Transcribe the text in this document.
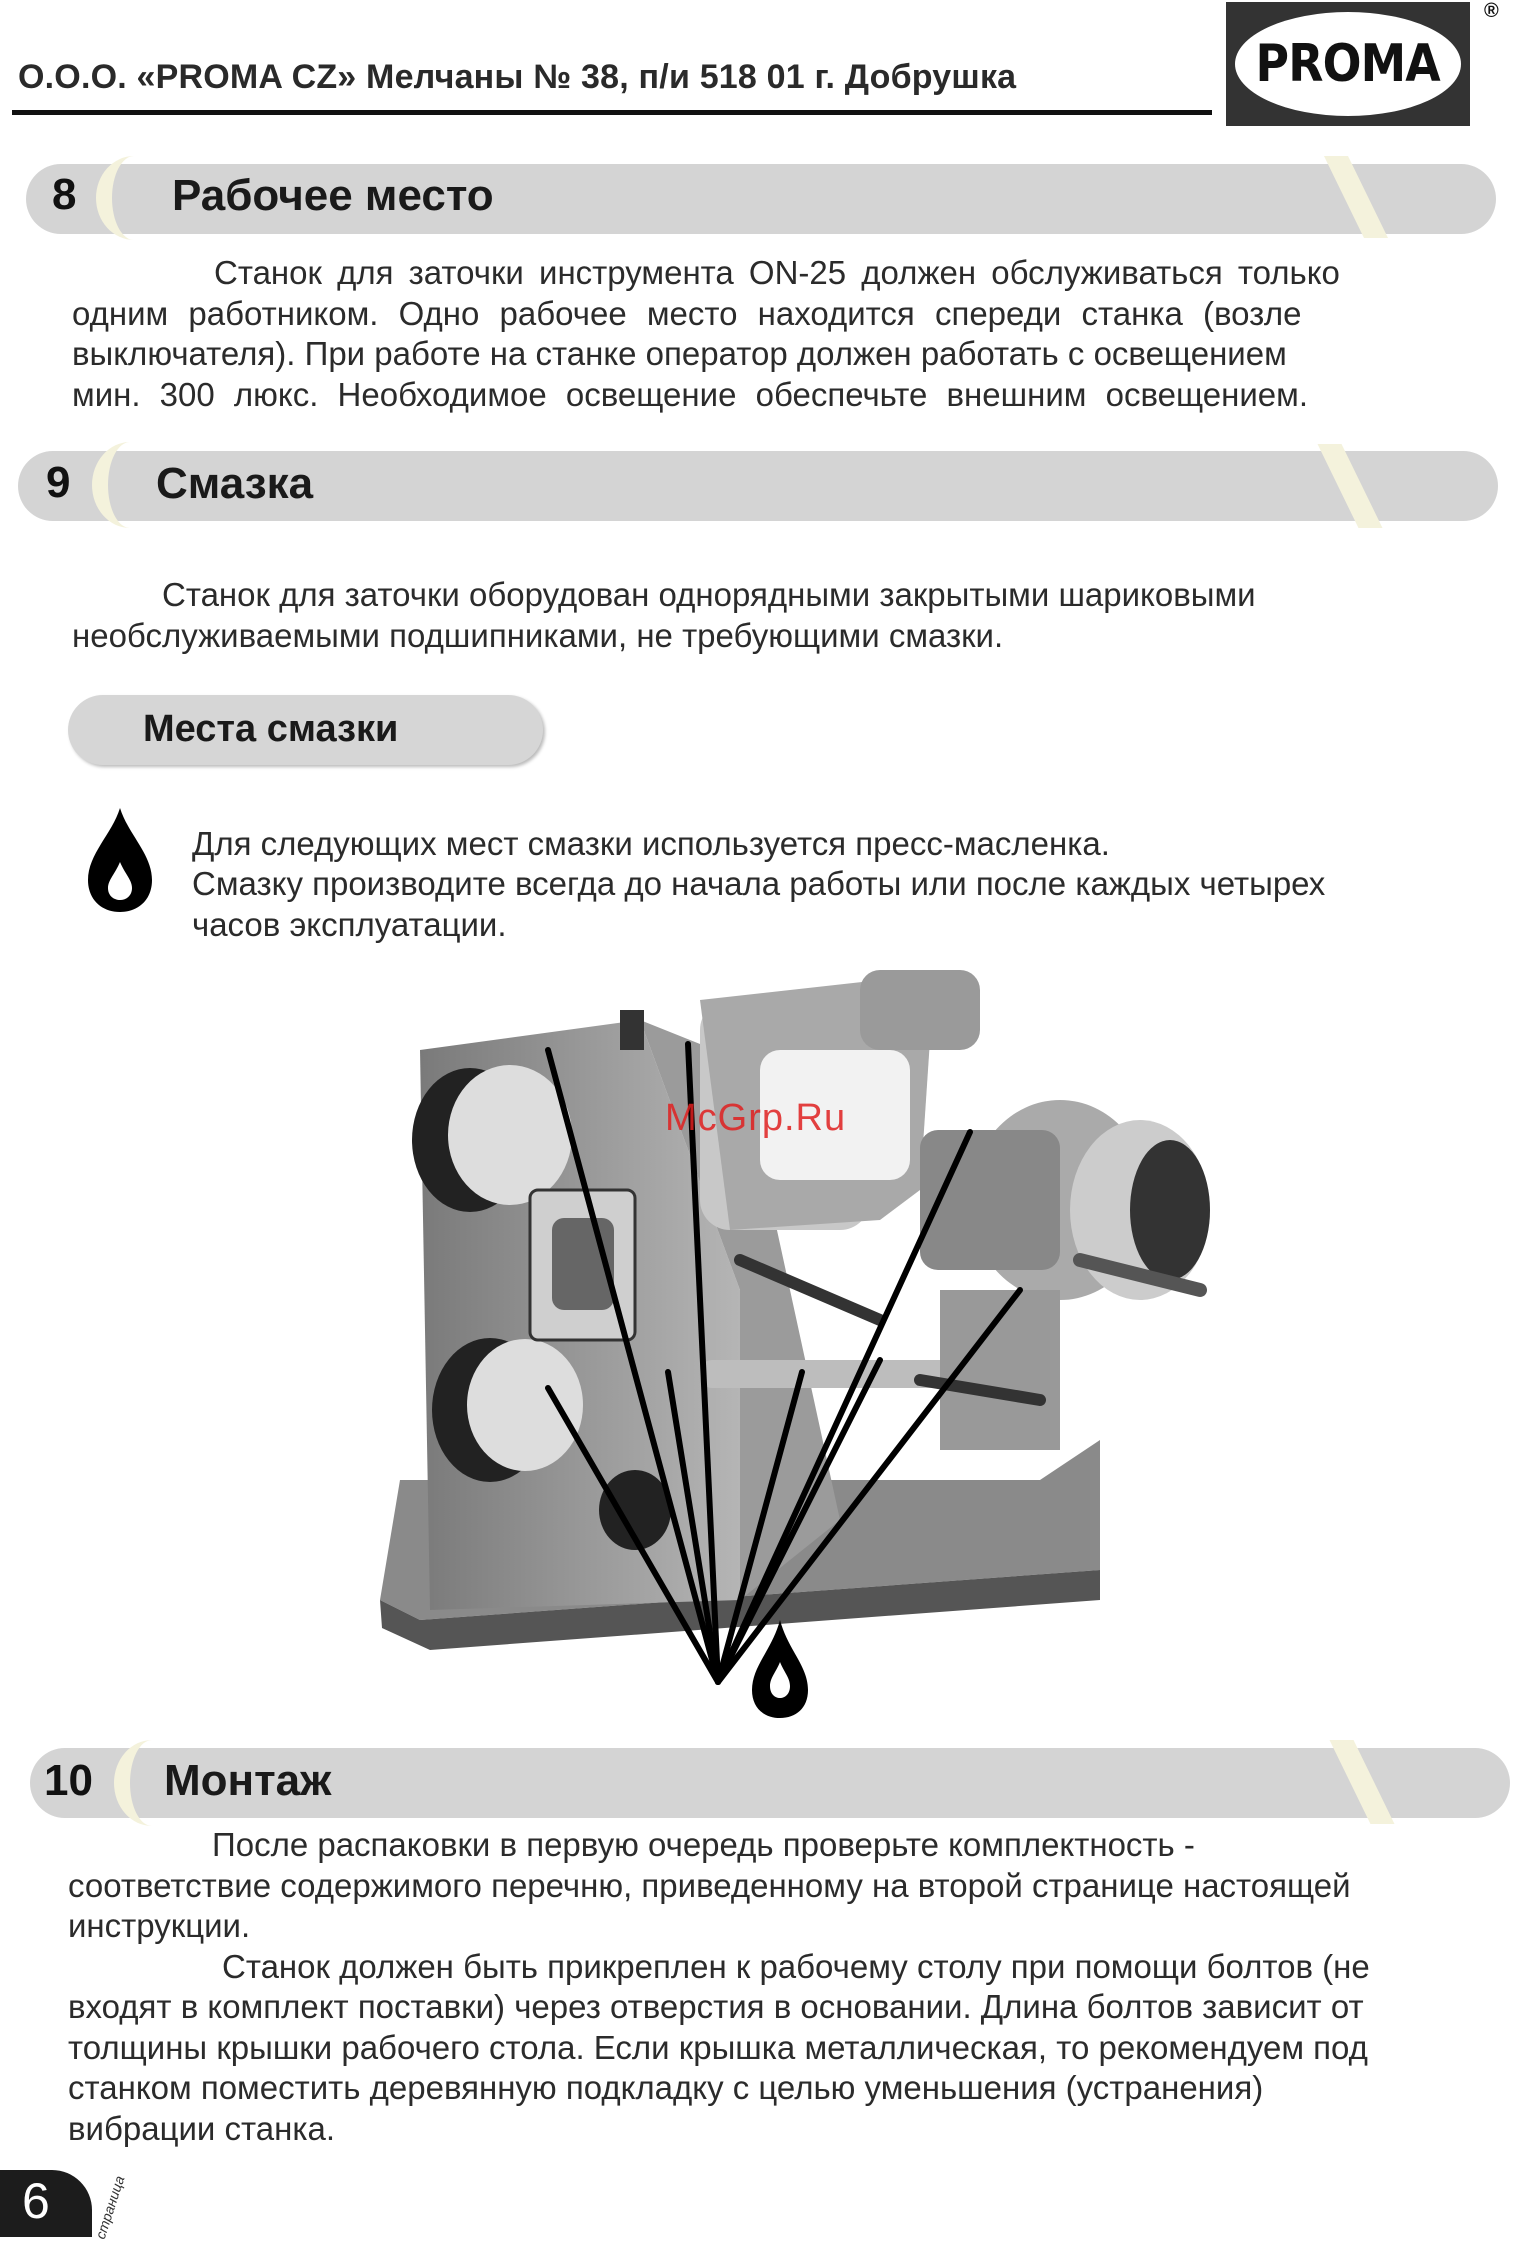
О.О.О. «PROMA CZ» Мелчаны № 38, п/и 518 01 г. Добрушка	PROMA
®
8 Рабочее место
Станок для заточки инструмента ON-25 должен обслуживаться только
одним работником. Одно рабочее место находится спереди станка (возле
выключателя). При работе на станке оператор должен работать с освещением
мин. 300 люкс. Необходимое освещение обеспечьте внешним освещением.
9 Смазка
Станок для заточки оборудован однорядными закрытыми шариковыми
необслуживаемыми подшипниками, не требующими смазки.
Места смазки
Для следующих мест смазки используется пресс-масленка.
Смазку производите всегда до начала работы или после каждых четырех
часов эксплуатации.
McGrp.Ru
10 Монтаж
После распаковки в первую очередь проверьте комплектность -
соответствие содержимого перечню, приведенному на второй странице настоящей
инструкции.
Станок должен быть прикреплен к рабочему столу при помощи болтов (не
входят в комплект поставки) через отверстия в основании. Длина болтов зависит от
толщины крышки рабочего стола. Если крышка металлическая, то рекомендуем под
станком поместить деревянную подкладку с целью уменьшения (устранения)
вибрации станка.
6	страница
